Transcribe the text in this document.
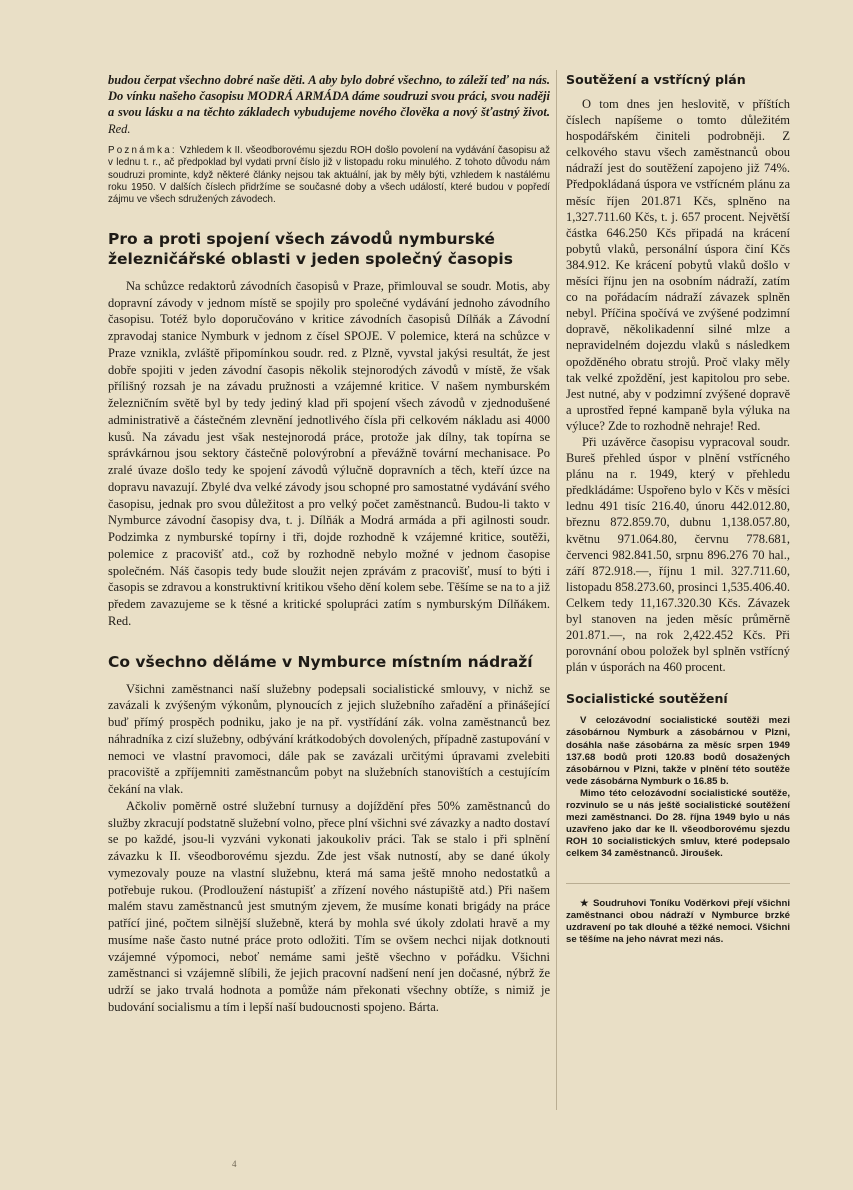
budou čerpat všechno dobré naše děti. A aby bylo dobré všechno, to záleží teď na nás. Do vínku našeho časopisu MODRÁ ARMÁDA dáme soudruzi svou práci, svou naději a svou lásku a na těchto základech vybudujeme nového člověka a nový šťastný život. Red.

Poznámka: Vzhledem k II. všeodborovému sjezdu ROH došlo povolení na vydávání časopisu až v lednu t. r., ač předpoklad byl vydati první číslo již v listopadu roku minulého. Z tohoto důvodu nám soudruzi prominte, když některé články nejsou tak aktuální, jak by měly býti, vzhledem k nastálému roku 1950. V dalších číslech přidržíme se současné doby a všech událostí, které budou v popředí zájmu ve všech sdružených závodech.

Pro a proti spojení všech závodů nymburské železničářské oblasti v jeden společný časopis

Na schůzce redaktorů závodních časopisů v Praze, přimlouval se soudr. Motis, aby dopravní závody v jednom místě se spojily pro společné vydávání jednoho závodního časopisu. Totéž bylo doporučováno v kritice závodních časopisů Dílňák a Závodní zpravodaj stanice Nymburk v jednom z čísel SPOJE. V polemice, která na schůzce v Praze vznikla, zvláště připomínkou soudr. red. z Plzně, vyvstal jakýsi resultát, že jest dobře spojiti v jeden závodní časopis několik stejnorodých závodů v místě, že však přílišný rozsah je na závadu pružnosti a vzájemné kritice. V našem nymburském železničním světě byl by tedy jediný klad při spojení všech závodů v zjednodušené administrativě a částečném zlevnění jednotlivého čísla při celkovém nákladu asi 4000 kusů. Na závadu jest však nestejnorodá práce, protože jak dílny, tak topírna se správkárnou jsou sektory částečně polovýrobní a převážně tovární mechanisace. Po zralé úvaze došlo tedy ke spojení závodů výlučně dopravních a těch, kteří úzce na dopravu navazují. Zbylé dva velké závody jsou schopné pro samostatné vydávání svého časopisu, jednak pro svou důležitost a pro velký počet zaměstnanců. Budou-li takto v Nymburce závodní časopisy dva, t. j. Dílňák a Modrá armáda a při agilnosti soudr. Podzimka z nymburské topírny i tři, dojde rozhodně k vzájemné kritice, soutěži, polemice z pracovišť atd., což by rozhodně nebylo možné v jednom časopise společném. Náš časopis tedy bude sloužit nejen zprávám z pracovišť, musí to býti i časopis se zdravou a konstruktivní kritikou všeho dění kolem sebe. Těšíme se na to a již předem zavazujeme se k těsné a kritické spolupráci zatím s nymburským Dílňákem. Red.

Co všechno děláme v Nymburce místním nádraží

Všichni zaměstnanci naší služebny podepsali socialistické smlouvy, v nichž se zavázali k zvýšeným výkonům, plynoucích z jejich služebního zařadění a přinášející buď přímý prospěch podniku, jako je na př. vystřídání zák. volna zaměstnanců bez náhradníka z cizí služebny, odbývání krátkodobých dovolených, případně zastupování v nemoci ve vlastní pravomoci, dále pak se zavázali určitými úpravami zvelebiti pracoviště a zpříjemniti zaměstnancům pobyt na služebních stanovištích a cestujícím čekání na vlak.

Ačkoliv poměrně ostré služební turnusy a dojíždění přes 50% zaměstnanců do služby zkracují podstatně služební volno, přece plní všichni své závazky a nadto dostaví se po každé, jsou-li vyzváni vykonati jakoukoliv práci. Tak se stalo i při splnění závazku k II. všeodborovému sjezdu. Zde jest však nutností, aby se dané úkoly vymezovaly pouze na vlastní služebnu, která má sama ještě mnoho nedostatků a potřebuje rukou. (Prodloužení nástupišť a zřízení nového nástupiště atd.) Při našem malém stavu zaměstnanců jest smutným zjevem, že musíme konati brigády na práce patřící jiné, počtem silnější služebně, která by mohla své úkoly zdolati hravě a my musíme naše často nutné práce proto odložiti. Tím se ovšem nechci nijak dotknouti vzájemné výpomoci, neboť nemáme sami ještě všechno v pořádku. Všichni zaměstnanci si vzájemně slíbili, že jejich pracovní nadšení není jen dočasné, nýbrž že udrží se jako trvalá hodnota a pomůže nám překonati všechny obtíže, s nimiž je budování socialismu a tím i lepší naší budoucnosti spojeno. Bárta.

Soutěžení a vstřícný plán

O tom dnes jen heslovitě, v příštích číslech napíšeme o tomto důležitém hospodářském činiteli podrobněji. Z celkového stavu všech zaměstnanců obou nádraží jest do soutěžení zapojeno již 74%. Předpokládaná úspora ve vstřícném plánu za měsíc říjen 201.871 Kčs, splněno na 1,327.711.60 Kčs, t. j. 657 procent. Největší částka 646.250 Kčs připadá na krácení pobytů vlaků, personální úspora činí Kčs 384.912. Ke krácení pobytů vlaků došlo v měsíci říjnu jen na osobním nádraží, zatím co na pořádacím nádraží závazek splněn nebyl. Příčina spočívá ve zvýšené podzimní dopravě, několikadenní silné mlze a nepravidelném dojezdu vlaků s následkem opožděného obratu strojů. Proč vlaky měly tak velké zpoždění, jest kapitolou pro sebe. Jest nutné, aby v podzimní zvýšené dopravě a uprostřed řepné kampaně byla výluka na výluce? Zde to rozhodně nehraje! Red.

Při uzávěrce časopisu vypracoval soudr. Bureš přehled úspor v plnění vstřícného plánu na r. 1949, který v přehledu předkládáme: Uspořeno bylo v Kčs v měsíci lednu 491 tisíc 216.40, únoru 442.012.80, březnu 872.859.70, dubnu 1,138.057.80, květnu 971.064.80, červnu 778.681, červenci 982.841.50, srpnu 896.276 70 hal., září 872.918.—, říjnu 1 mil. 327.711.60, listopadu 858.273.60, prosinci 1,535.406.40. Celkem tedy 11,167.320.30 Kčs. Závazek byl stanoven na jeden měsíc průměrně 201.871.—, na rok 2,422.452 Kčs. Při porovnání obou položek byl splněn vstřícný plán v úsporách na 460 procent.

Socialistické soutěžení

V celozávodní socialistické soutěži mezi zásobárnou Nymburk a zásobárnou v Plzni, dosáhla naše zásobárna za měsíc srpen 1949 137.68 bodů proti 120.83 bodů dosažených zásobárnou v Plzni, takže v plnění této soutěže vede zásobárna Nymburk o 16.85 b.

Mimo této celozávodní socialistické soutěže, rozvinulo se u nás ještě socialistické soutěžení mezi zaměstnanci. Do 28. října 1949 bylo u nás uzavřeno jako dar ke II. všeodborovému sjezdu ROH 10 socialistických smluv, které podepsalo celkem 34 zaměstnanců. Jiroušek.

★ Soudruhovi Toníku Voděrkovi přejí všichni zaměstnanci obou nádraží v Nymburce brzké uzdravení po tak dlouhé a těžké nemoci. Všichni se těšíme na jeho návrat mezi nás.

4
